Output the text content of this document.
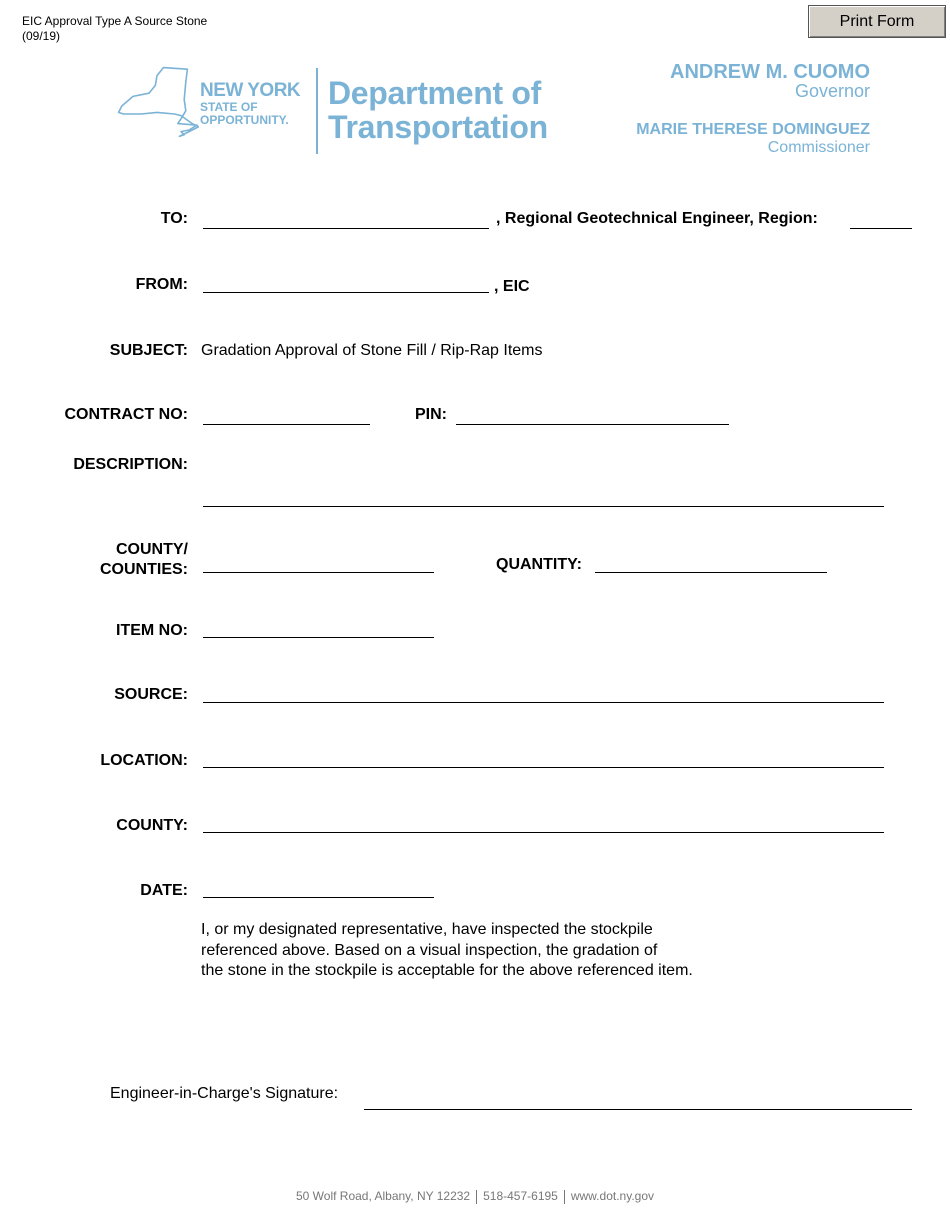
EIC Approval Type A Source Stone
(09/19)
Print Form
NEW YORK
STATE OF
OPPORTUNITY.
Department of
Transportation
ANDREW M. CUOMO
Governor
MARIE THERESE DOMINGUEZ
Commissioner
TO:	, Regional Geotechnical Engineer, Region:
FROM:	, EIC
SUBJECT: Gradation Approval of Stone Fill / Rip-Rap Items
CONTRACT NO:	PIN:
DESCRIPTION:
COUNTY/
COUNTIES:	QUANTITY:
ITEM NO:
SOURCE:
LOCATION:
COUNTY:
DATE:
I, or my designated representative, have inspected the stockpile
referenced above. Based on a visual inspection, the gradation of
the stone in the stockpile is acceptable for the above referenced item.
Engineer-in-Charge's Signature:
50 Wolf Road, Albany, NY 12232 518-457-6195 www.dot.ny.gov
